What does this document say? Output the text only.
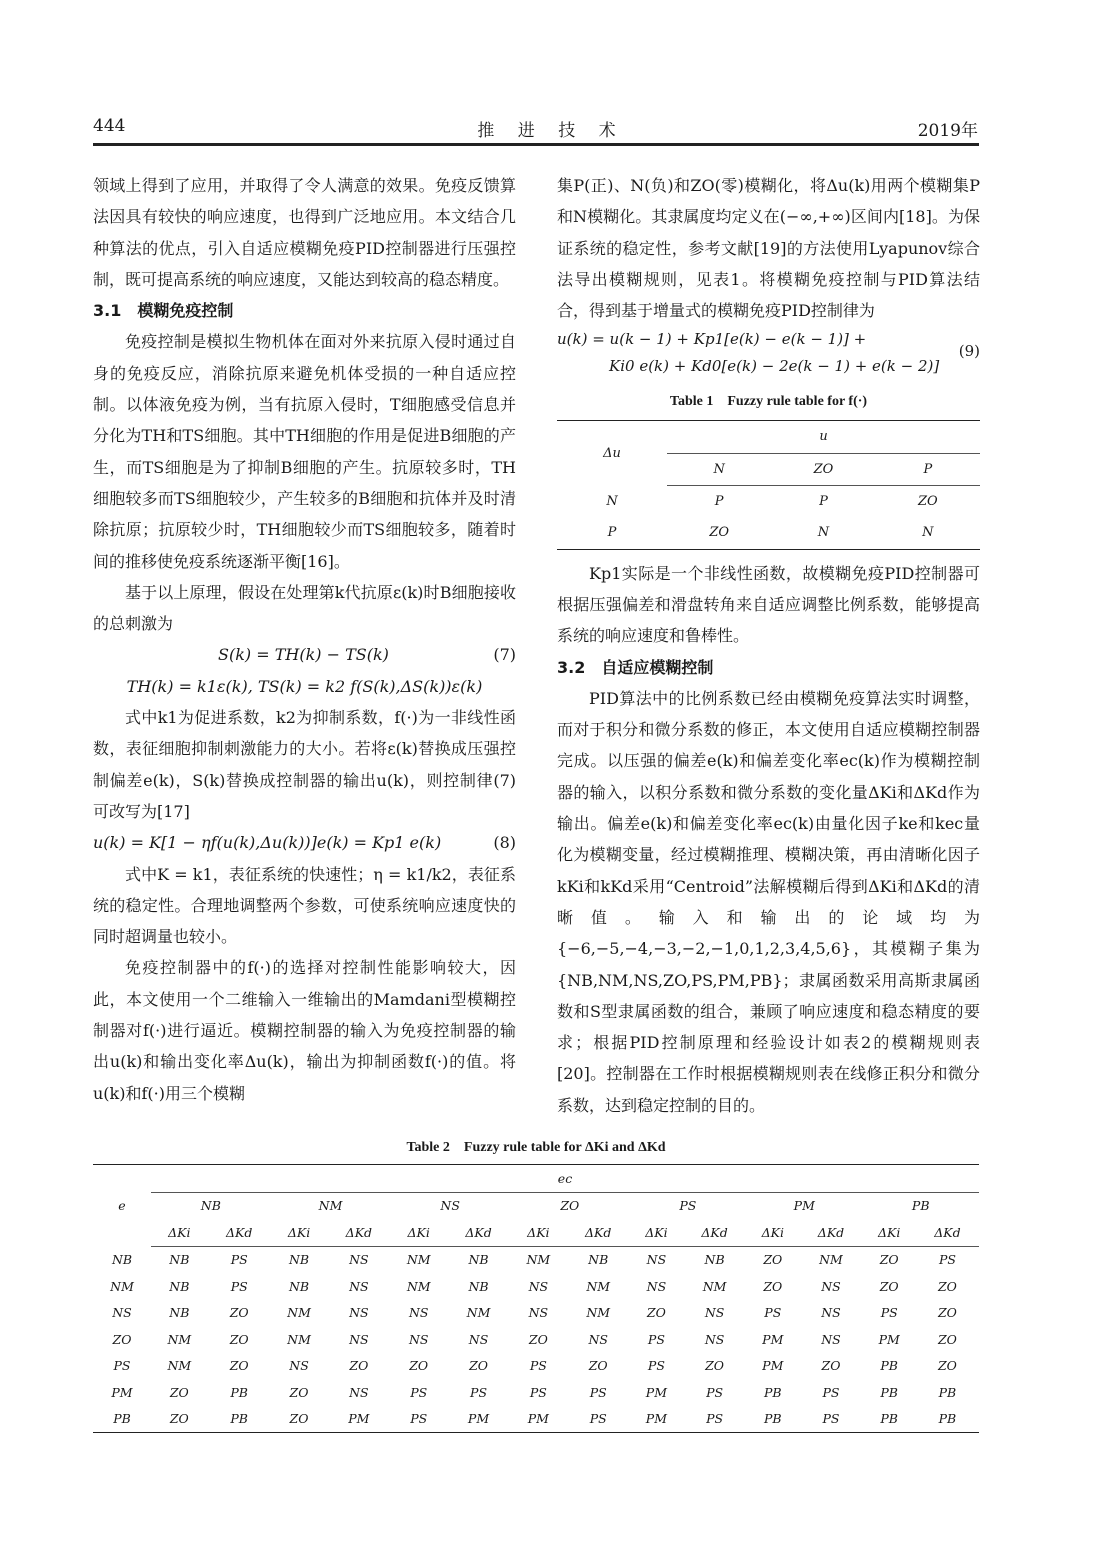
444	推 进 技 术	2019年

领域上得到了应用，并取得了令人满意的效果。免疫反馈算法因具有较快的响应速度，也得到广泛地应用。本文结合几种算法的优点，引入自适应模糊免疫PID控制器进行压强控制，既可提高系统的响应速度，又能达到较高的稳态精度。

3.1　模糊免疫控制

免疫控制是模拟生物机体在面对外来抗原入侵时通过自身的免疫反应，消除抗原来避免机体受损的一种自适应控制。以体液免疫为例，当有抗原入侵时，T细胞感受信息并分化为TH和TS细胞。其中TH细胞的作用是促进B细胞的产生，而TS细胞是为了抑制B细胞的产生。抗原较多时，TH细胞较多而TS细胞较少，产生较多的B细胞和抗体并及时清除抗原；抗原较少时，TH细胞较少而TS细胞较多，随着时间的推移使免疫系统逐渐平衡[16]。

基于以上原理，假设在处理第k代抗原ε(k)时B细胞接收的总刺激为

S(k) = TH(k) − TS(k)	(7)
TH(k) = k1ε(k), TS(k) = k2 f(S(k),ΔS(k))ε(k)

式中k1为促进系数，k2为抑制系数，f(·)为一非线性函数，表征细胞抑制刺激能力的大小。若将ε(k)替换成压强控制偏差e(k)，S(k)替换成控制器的输出u(k)，则控制律(7)可改写为[17]

u(k) = K[1 − ηf(u(k),Δu(k))]e(k) = Kp1 e(k)	(8)

式中K = k1，表征系统的快速性；η = k1/k2，表征系统的稳定性。合理地调整两个参数，可使系统响应速度快的同时超调量也较小。

免疫控制器中的f(·)的选择对控制性能影响较大，因此，本文使用一个二维输入一维输出的Mamdani型模糊控制器对f(·)进行逼近。模糊控制器的输入为免疫控制器的输出u(k)和输出变化率Δu(k)，输出为抑制函数f(·)的值。将u(k)和f(·)用三个模糊

集P(正)、N(负)和ZO(零)模糊化，将Δu(k)用两个模糊集P和N模糊化。其隶属度均定义在(−∞,+∞)区间内[18]。为保证系统的稳定性，参考文献[19]的方法使用Lyapunov综合法导出模糊规则，见表1。将模糊免疫控制与PID算法结合，得到基于增量式的模糊免疫PID控制律为

u(k) = u(k − 1) + Kp1[e(k) − e(k − 1)] +
Ki0 e(k) + Kd0[e(k) − 2e(k − 1) + e(k − 2)]
(9)
Table 1　Fuzzy rule table for f(·)
Δu	u		
	N	ZO	P
N	P	P	ZO
P	ZO	N	N

Kp1实际是一个非线性函数，故模糊免疫PID控制器可根据压强偏差和滑盘转角来自适应调整比例系数，能够提高系统的响应速度和鲁棒性。

3.2　自适应模糊控制

PID算法中的比例系数已经由模糊免疫算法实时调整，而对于积分和微分系数的修正，本文使用自适应模糊控制器完成。以压强的偏差e(k)和偏差变化率ec(k)作为模糊控制器的输入，以积分系数和微分系数的变化量ΔKi和ΔKd作为输出。偏差e(k)和偏差变化率ec(k)由量化因子ke和kec量化为模糊变量，经过模糊推理、模糊决策，再由清晰化因子kKi和kKd采用“Centroid”法解模糊后得到ΔKi和ΔKd的清晰值。输入和输出的论域均为{−6,−5,−4,−3,−2,−1,0,1,2,3,4,5,6}，其模糊子集为{NB,NM,NS,ZO,PS,PM,PB}；隶属函数采用高斯隶属函数和S型隶属函数的组合，兼顾了响应速度和稳态精度的要求；根据PID控制原理和经验设计如表2的模糊规则表[20]。控制器在工作时根据模糊规则表在线修正积分和微分系数，达到稳定控制的目的。

Table 2　Fuzzy rule table for ΔKi and ΔKd
e	ec													
	NB		NM		NS		ZO		PS		PM		PB	
	ΔKi	ΔKd	ΔKi	ΔKd	ΔKi	ΔKd	ΔKi	ΔKd	ΔKi	ΔKd	ΔKi	ΔKd	ΔKi	ΔKd
NB	NB	PS	NB	NS	NM	NB	NM	NB	NS	NB	ZO	NM	ZO	PS
NM	NB	PS	NB	NS	NM	NB	NS	NM	NS	NM	ZO	NS	ZO	ZO
NS	NB	ZO	NM	NS	NS	NM	NS	NM	ZO	NS	PS	NS	PS	ZO
ZO	NM	ZO	NM	NS	NS	NS	ZO	NS	PS	NS	PM	NS	PM	ZO
PS	NM	ZO	NS	ZO	ZO	ZO	PS	ZO	PS	ZO	PM	ZO	PB	ZO
PM	ZO	PB	ZO	NS	PS	PS	PS	PS	PM	PS	PB	PS	PB	PB
PB	ZO	PB	ZO	PM	PS	PM	PM	PS	PM	PS	PB	PS	PB	PB
